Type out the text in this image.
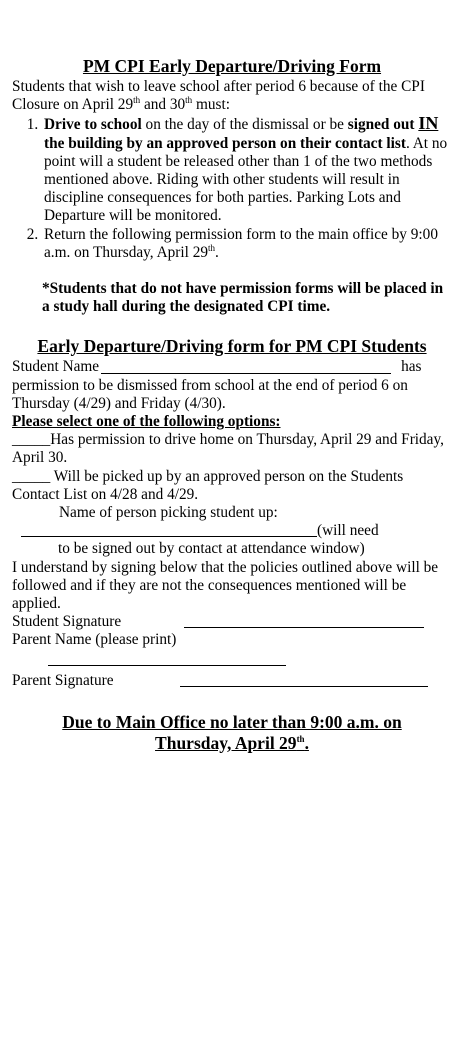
PM CPI Early Departure/Driving Form

Students that wish to leave school after period 6 because of the CPI Closure on April 29th and 30th must:

1. Drive to school on the day of the dismissal or be signed out IN the building by an approved person on their contact list. At no point will a student be released other than 1 of the two methods mentioned above. Riding with other students will result in discipline consequences for both parties. Parking Lots and Departure will be monitored.
2. Return the following permission form to the main office by 9:00 a.m. on Thursday, April 29th.

*Students that do not have permission forms will be placed in a study hall during the designated CPI time.

Early Departure/Driving form for PM CPI Students
Student Name	has

permission to be dismissed from school at the end of period 6 on Thursday (4/29) and Friday (4/30).

Please select one of the following options:

_____Has permission to drive home on Thursday, April 29 and Friday, April 30.

_____ Will be picked up by an approved person on the Students Contact List on 4/28 and 4/29.

Name of person picking student up:

(will need

to be signed out by contact at attendance window)

I understand by signing below that the policies outlined above will be followed and if they are not the consequences mentioned will be applied.

Student Signature

Parent Name (please print)

Parent Signature
Due to Main Office no later than 9:00 a.m. on
Thursday, April 29th.
